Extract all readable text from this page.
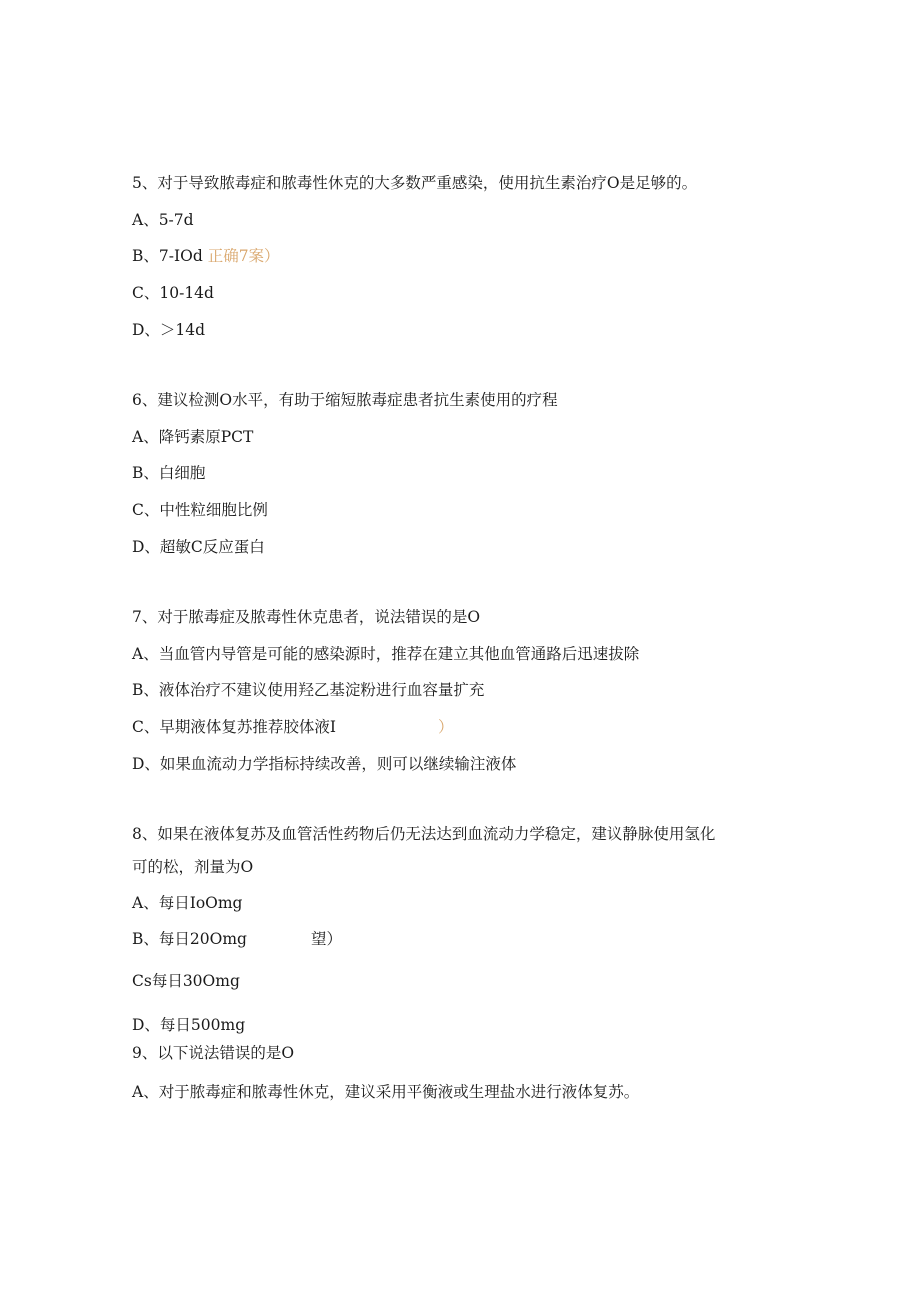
5、对于导致脓毒症和脓毒性休克的大多数严重感染，使用抗生素治疗O是足够的。
A、5-7d
B、7-IOd 正确7案）
C、10-14d
D、＞14d
6、建议检测O水平，有助于缩短脓毒症患者抗生素使用的疗程
A、降钙素原PCT
B、白细胞
C、中性粒细胞比例
D、超敏C反应蛋白
7、对于脓毒症及脓毒性休克患者，说法错误的是O
A、当血管内导管是可能的感染源时，推荐在建立其他血管通路后迅速拔除
B、液体治疗不建议使用羟乙基淀粉进行血容量扩充
C、早期液体复苏推荐胶体液I	）
D、如果血流动力学指标持续改善，则可以继续输注液体
8、如果在液体复苏及血管活性药物后仍无法达到血流动力学稳定，建议静脉使用氢化
可的松，剂量为O
A、每日IoOmg
B、每日20Omg	望）
Cs每日30Omg
D、每日500mg
9、以下说法错误的是O
A、对于脓毒症和脓毒性休克，建议采用平衡液或生理盐水进行液体复苏。
